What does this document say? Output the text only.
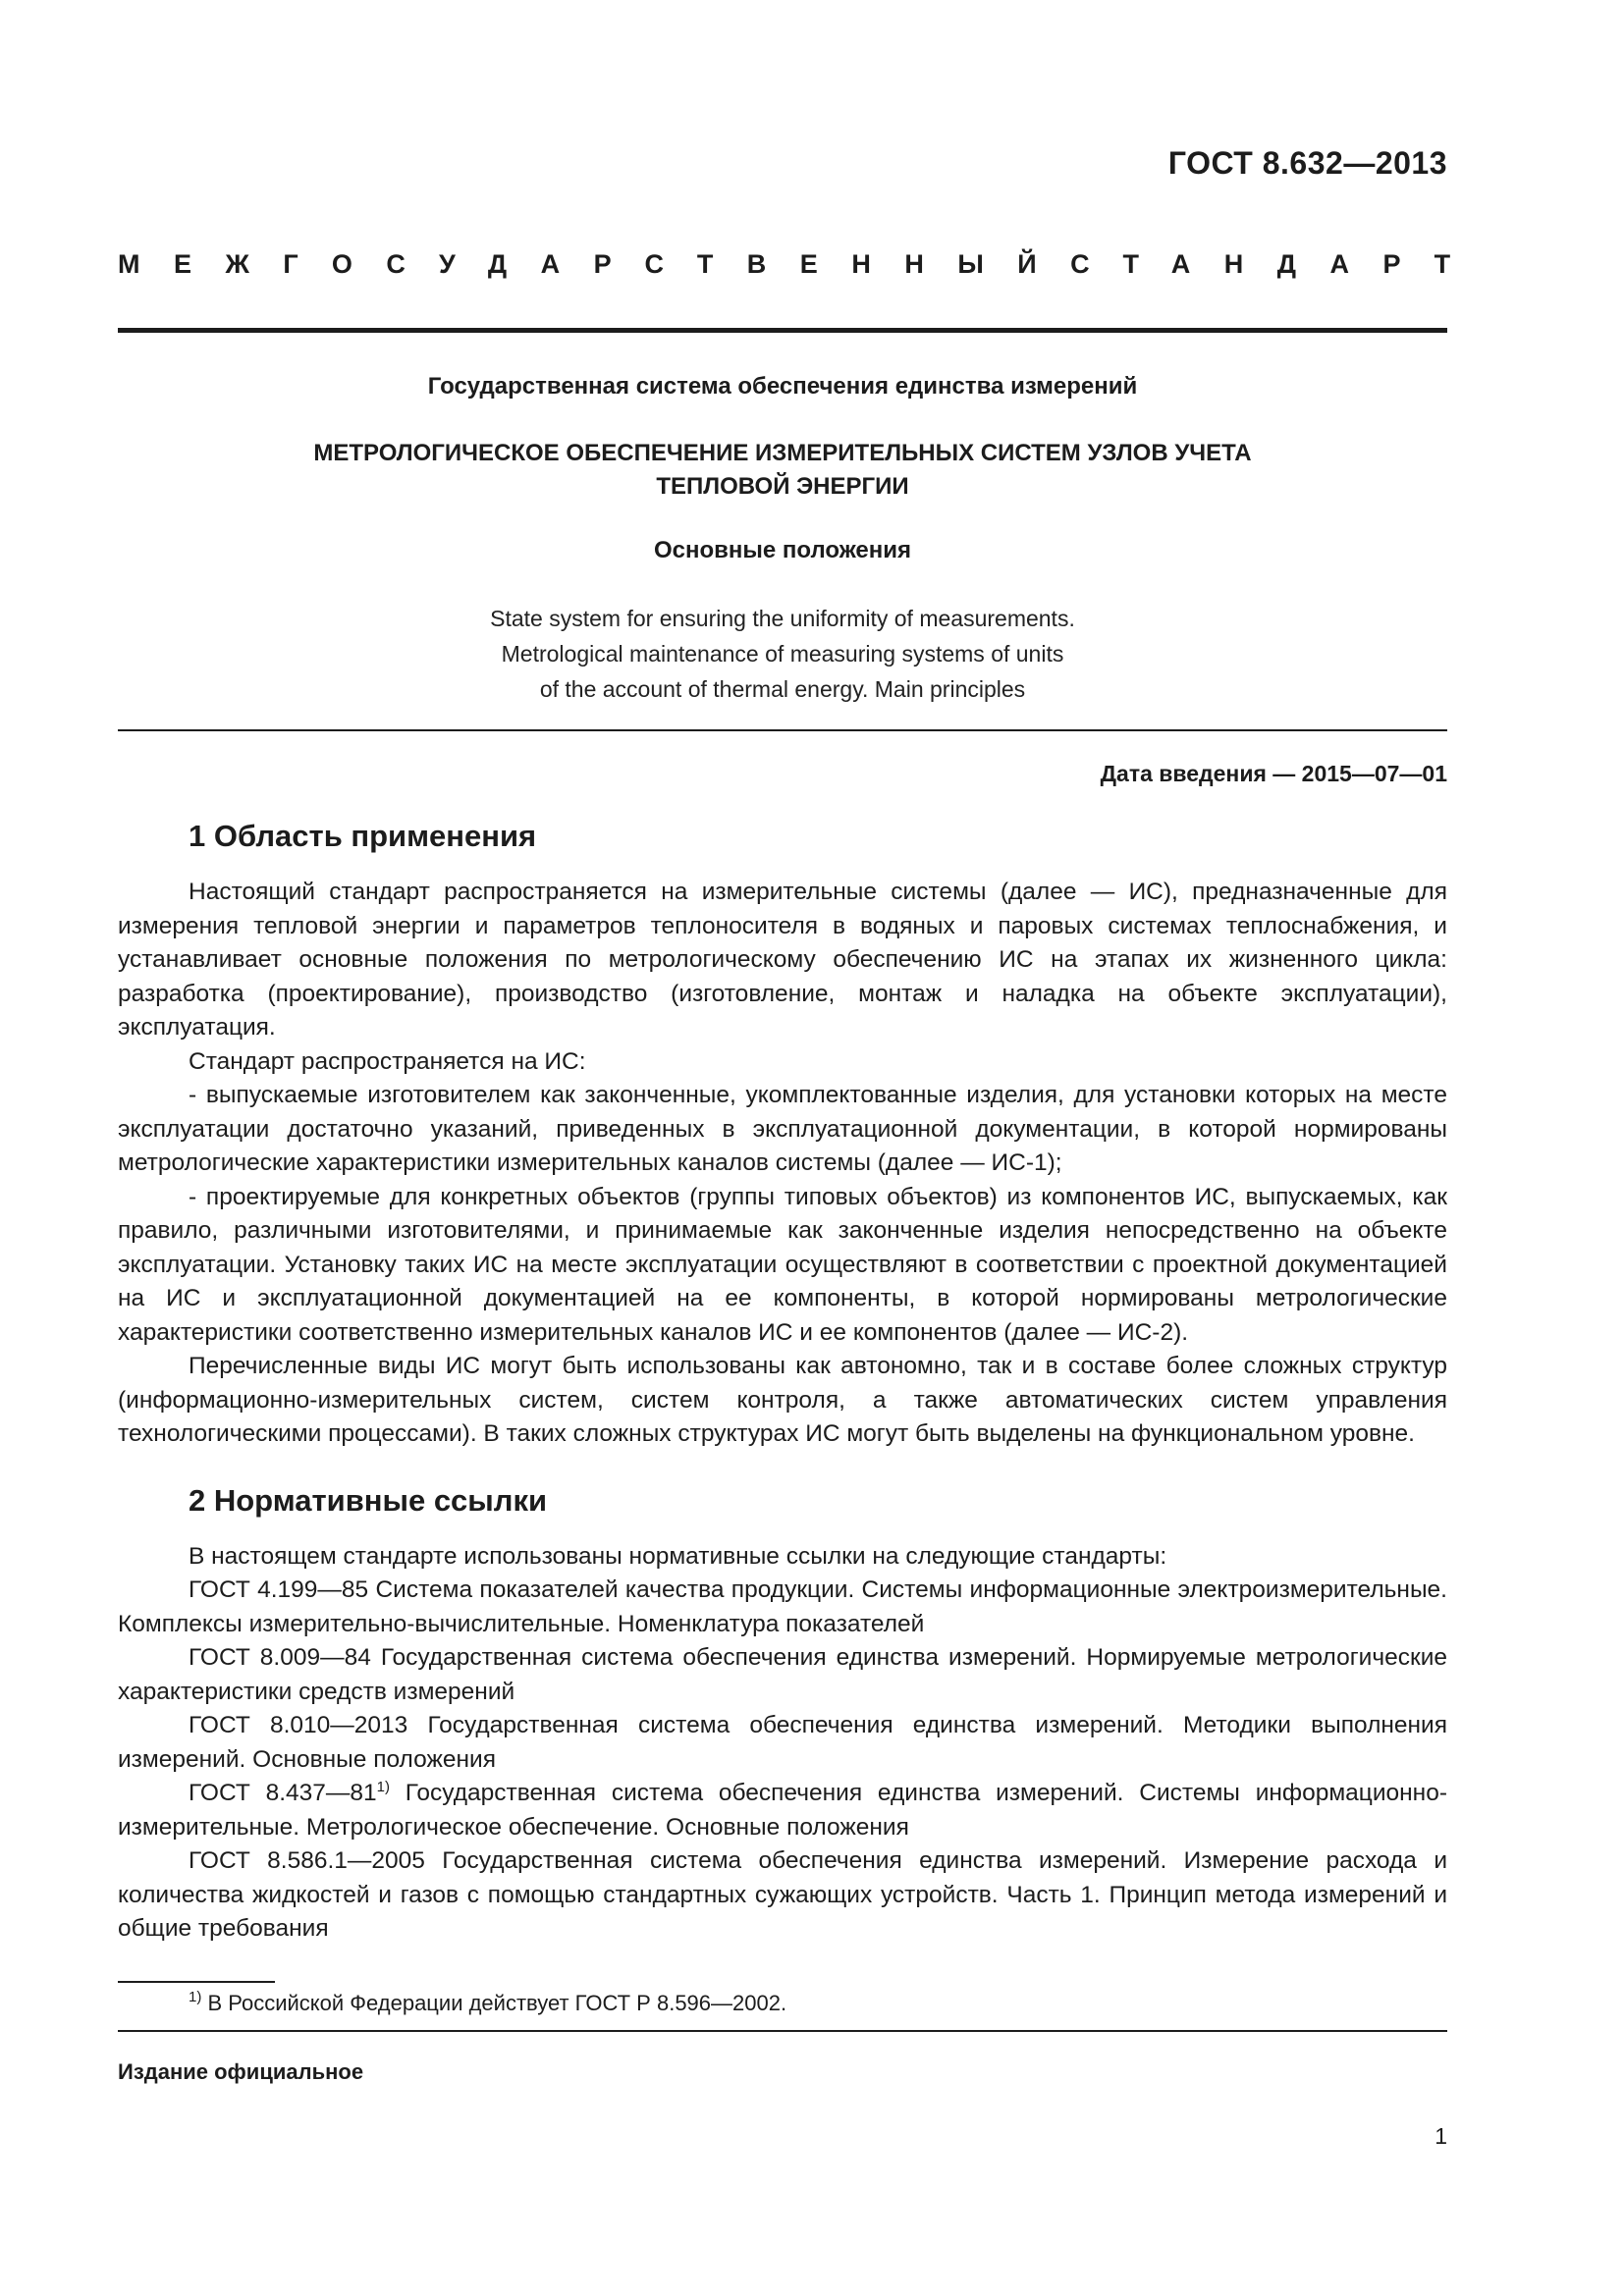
ГОСТ 8.632—2013
МЕЖГОСУДАРСТВЕННЫЙ СТАНДАРТ
Государственная система обеспечения единства измерений
МЕТРОЛОГИЧЕСКОЕ ОБЕСПЕЧЕНИЕ ИЗМЕРИТЕЛЬНЫХ СИСТЕМ УЗЛОВ УЧЕТА
ТЕПЛОВОЙ ЭНЕРГИИ
Основные положения
State system for ensuring the uniformity of measurements.
Metrological maintenance of measuring systems of units
of the account of thermal energy. Main principles
Дата введения — 2015—07—01
1 Область применения

Настоящий стандарт распространяется на измерительные системы (далее — ИС), предназначенные для измерения тепловой энергии и параметров теплоносителя в водяных и паровых системах теплоснабжения, и устанавливает основные положения по метрологическому обеспечению ИС на этапах их жизненного цикла: разработка (проектирование), производство (изготовление, монтаж и наладка на объекте эксплуатации), эксплуатация.

Стандарт распространяется на ИС:

- выпускаемые изготовителем как законченные, укомплектованные изделия, для установки которых на месте эксплуатации достаточно указаний, приведенных в эксплуатационной документации, в которой нормированы метрологические характеристики измерительных каналов системы (далее — ИС-1);

- проектируемые для конкретных объектов (группы типовых объектов) из компонентов ИС, выпускаемых, как правило, различными изготовителями, и принимаемые как законченные изделия непосредственно на объекте эксплуатации. Установку таких ИС на месте эксплуатации осуществляют в соответствии с проектной документацией на ИС и эксплуатационной документацией на ее компоненты, в которой нормированы метрологические характеристики соответственно измерительных каналов ИС и ее компонентов (далее — ИС-2).

Перечисленные виды ИС могут быть использованы как автономно, так и в составе более сложных структур (информационно-измерительных систем, систем контроля, а также автоматических систем управления технологическими процессами). В таких сложных структурах ИС могут быть выделены на функциональном уровне.

2 Нормативные ссылки

В настоящем стандарте использованы нормативные ссылки на следующие стандарты:

ГОСТ 4.199—85 Система показателей качества продукции. Системы информационные электроизмерительные. Комплексы измерительно-вычислительные. Номенклатура показателей

ГОСТ 8.009—84 Государственная система обеспечения единства измерений. Нормируемые метрологические характеристики средств измерений

ГОСТ 8.010—2013 Государственная система обеспечения единства измерений. Методики выполнения измерений. Основные положения

ГОСТ 8.437—81$^{1)}$ Государственная система обеспечения единства измерений. Системы информационно-измерительные. Метрологическое обеспечение. Основные положения

ГОСТ 8.586.1—2005 Государственная система обеспечения единства измерений. Измерение расхода и количества жидкостей и газов с помощью стандартных сужающих устройств. Часть 1. Принцип метода измерений и общие требования

$^{1)}$ В Российской Федерации действует ГОСТ Р 8.596—2002.
Издание официальное
1
